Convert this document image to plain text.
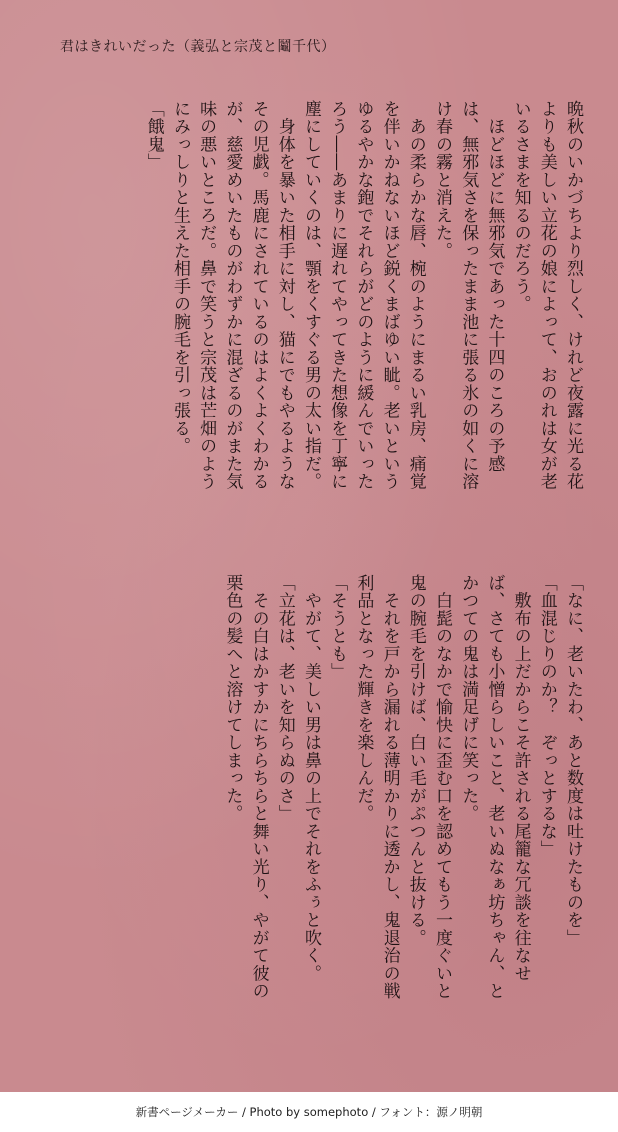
君はきれいだった（義弘と宗茂と鬮千代）

晩秋のいかづちより烈しく、けれど夜露に光る花よりも美しい立花の娘によって、おのれは女が老いるさまを知るのだろう。

　ほどほどに無邪気であった十四のころの予感は、無邪気さを保ったまま池に張る氷の如くに溶け春の霧と消えた。

　あの柔らかな唇、椀のようにまるい乳房、痛覚を伴いかねないほど鋭くまばゆい眦。老いというゆるやかな鉋でそれらがどのように緩んでいったろう――あまりに遅れてやってきた想像を丁寧に塵にしていくのは、顎をくすぐる男の太い指だ。

　身体を暴いた相手に対し、猫にでもやるようなその児戯。馬鹿にされているのはよくよくわかるが、慈愛めいたものがわずかに混ざるのがまた気味の悪いところだ。鼻で笑うと宗茂は芒畑のようにみっしりと生えた相手の腕毛を引っ張る。

「餓鬼」

「なに、老いたわ、あと数度は吐けたものを」

「血混じりのか？　ぞっとするな」

　敷布の上だからこそ許される尾籠な冗談を往なせば、さても小憎らしいこと、老いぬなぁ坊ちゃん、とかつての鬼は満足げに笑った。

　白髭のなかで愉快に歪む口を認めてもう一度ぐいと鬼の腕毛を引けば、白い毛がぷつんと抜ける。

　それを戸から漏れる薄明かりに透かし、鬼退治の戦利品となった輝きを楽しんだ。

「そうとも」

　やがて、美しい男は鼻の上でそれをふぅと吹く。

「立花は、老いを知らぬのさ」

　その白はかすかにちらちらと舞い光り、やがて彼の栗色の髪へと溶けてしまった。

新書ページメーカー / Photo by somephoto / フォント：源ノ明朝
